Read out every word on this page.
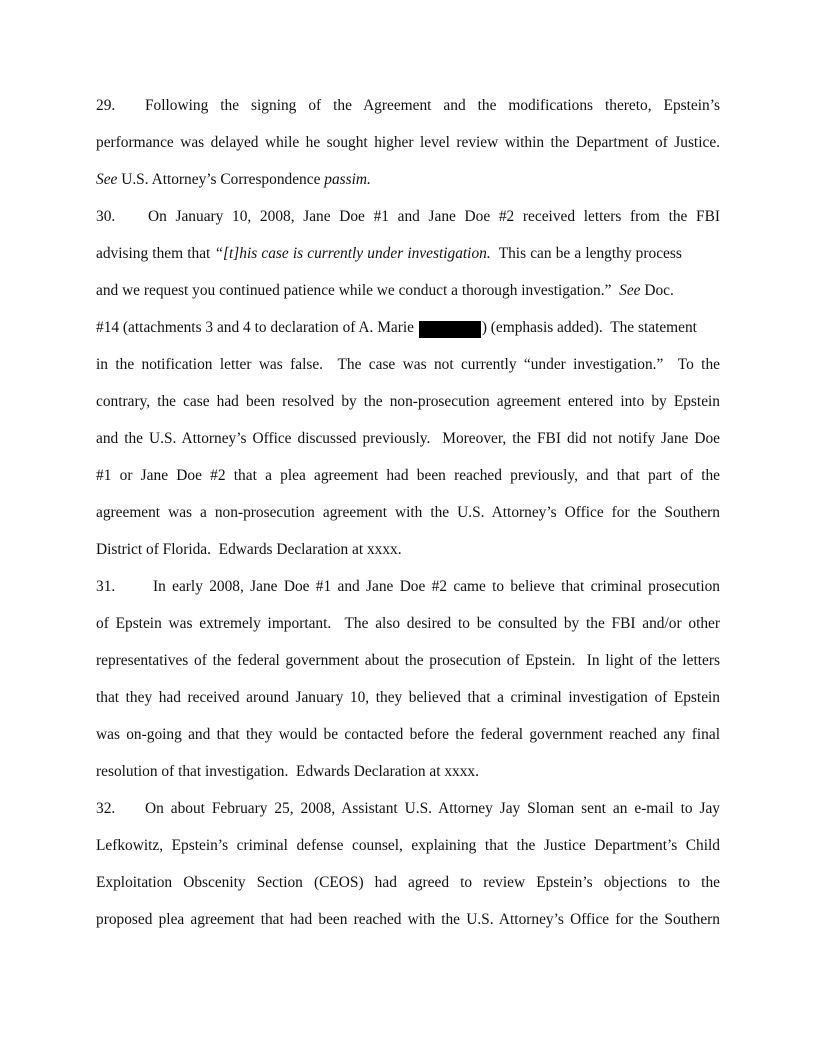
29. Following the signing of the Agreement and the modifications thereto, Epstein’s

performance was delayed while he sought higher level review within the Department of Justice.

See U.S. Attorney’s Correspondence passim.

30. On January 10, 2008, Jane Doe #1 and Jane Doe #2 received letters from the FBI

advising them that “[t]his case is currently under investigation.  This can be a lengthy process

and we request you continued patience while we conduct a thorough investigation.”  See Doc.

#14 (attachments 3 and 4 to declaration of A. Marie [redacted]	) (emphasis added).  The statement

in the notification letter was false.  The case was not currently “under investigation.”  To the

contrary, the case had been resolved by the non-prosecution agreement entered into by Epstein

and the U.S. Attorney’s Office discussed previously.  Moreover, the FBI did not notify Jane Doe

#1 or Jane Doe #2 that a plea agreement had been reached previously, and that part of the

agreement was a non-prosecution agreement with the U.S. Attorney’s Office for the Southern

District of Florida.  Edwards Declaration at xxxx.

31. In early 2008, Jane Doe #1 and Jane Doe #2 came to believe that criminal prosecution

of Epstein was extremely important.  The also desired to be consulted by the FBI and/or other

representatives of the federal government about the prosecution of Epstein.  In light of the letters

that they had received around January 10, they believed that a criminal investigation of Epstein

was on-going and that they would be contacted before the federal government reached any final

resolution of that investigation.  Edwards Declaration at xxxx.

32. On about February 25, 2008, Assistant U.S. Attorney Jay Sloman sent an e-mail to Jay

Lefkowitz, Epstein’s criminal defense counsel, explaining that the Justice Department’s Child

Exploitation Obscenity Section (CEOS) had agreed to review Epstein’s objections to the

proposed plea agreement that had been reached with the U.S. Attorney’s Office for the Southern
